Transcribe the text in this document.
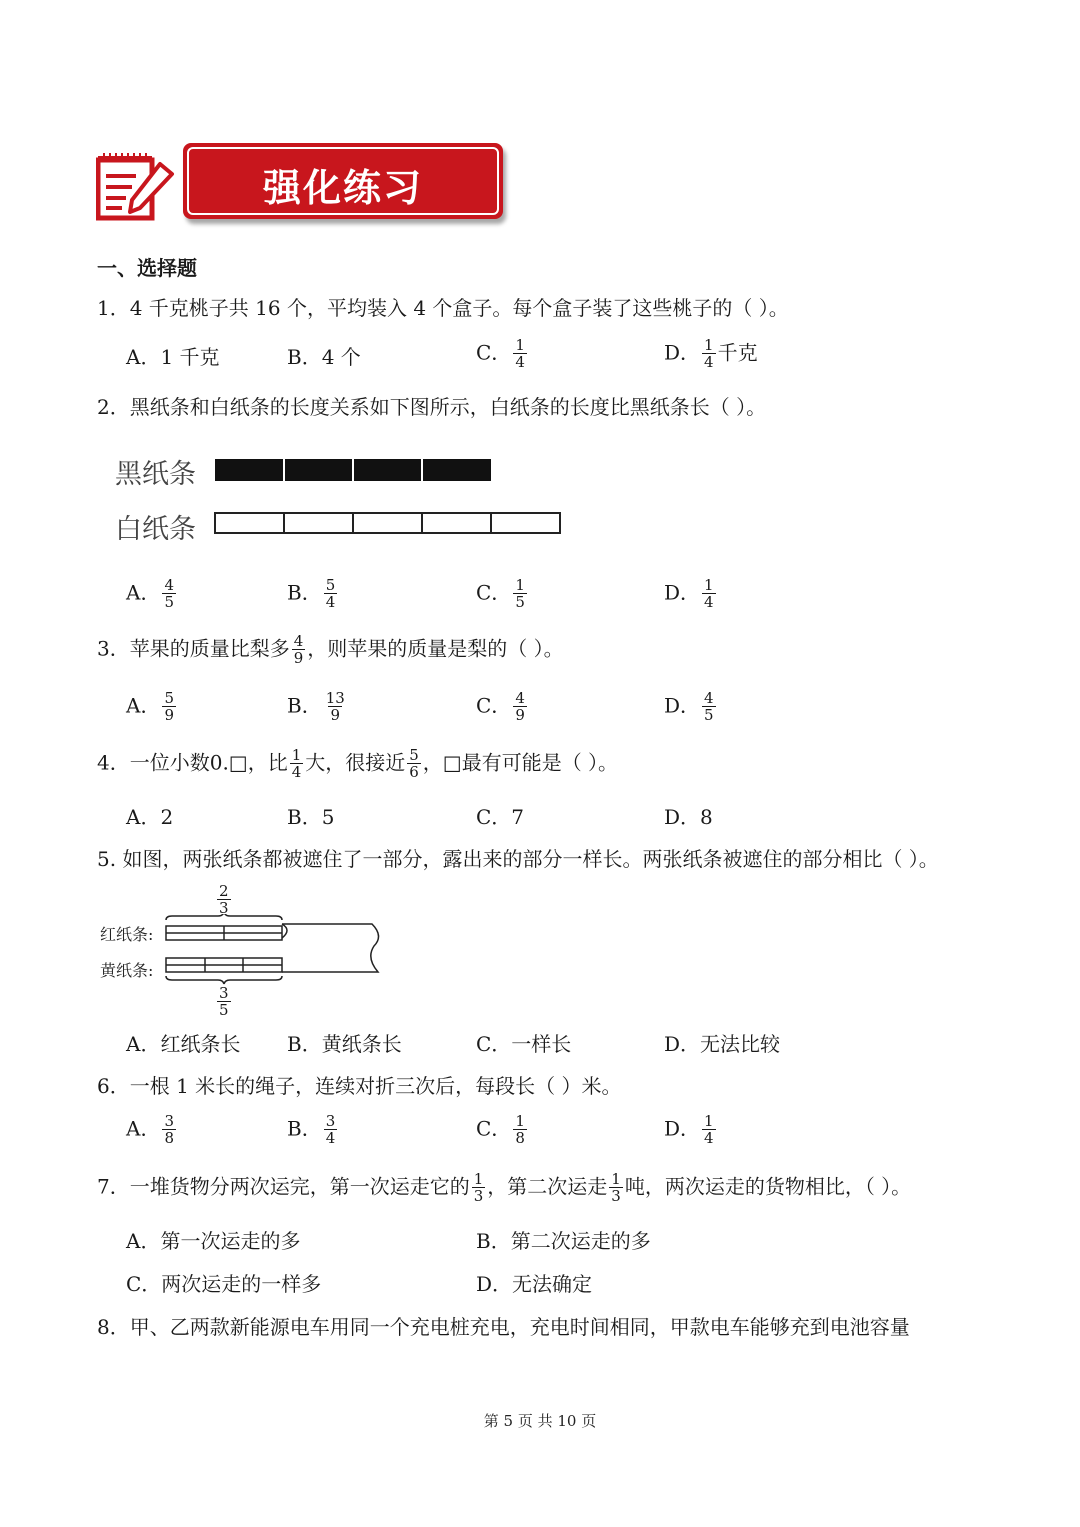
强化练习
一、选择题
1．4 千克桃子共 16 个，平均装入 4 个盒子。每个盒子装了这些桃子的（ ）。
A．1 千克	B．4 个	C． $\frac{1}{4}$	D． $\frac{1}{4}$ 千克
2．黑纸条和白纸条的长度关系如下图所示，白纸条的长度比黑纸条长（ ）。
黑纸条
白纸条
A． $\frac{4}{5}$	B． $\frac{5}{4}$	C． $\frac{1}{5}$	D． $\frac{1}{4}$
3．苹果的质量比梨多 $\frac{4}{9}$ ，则苹果的质量是梨的（ ）。
A． $\frac{5}{9}$	B． $\frac{13}{9}$	C． $\frac{4}{9}$	D． $\frac{4}{5}$
4．一位小数0.□，比 $\frac{1}{4}$ 大，很接近 $\frac{5}{6}$ ，□最有可能是（ ）。
A．2	B．5	C．7	D．8
5. 如图，两张纸条都被遮住了一部分，露出来的部分一样长。两张纸条被遮住的部分相比（ ）。
红纸条:
黄纸条:
$\frac{2}{3}$
$\frac{3}{5}$
A．红纸条长 B．黄纸条长	C．一样长	D．无法比较
6．一根 1 米长的绳子，连续对折三次后，每段长（ ）米。
A． $\frac{3}{8}$	B． $\frac{3}{4}$	C． $\frac{1}{8}$	D． $\frac{1}{4}$
7．一堆货物分两次运完，第一次运走它的 $\frac{1}{3}$ ，第二次运走 $\frac{1}{3}$ 吨，两次运走的货物相比，（ ）。
A．第一次运走的多	B．第二次运走的多
C．两次运走的一样多	D．无法确定
8．甲、乙两款新能源电车用同一个充电桩充电，充电时间相同，甲款电车能够充到电池容量
第 5 页 共 10 页
